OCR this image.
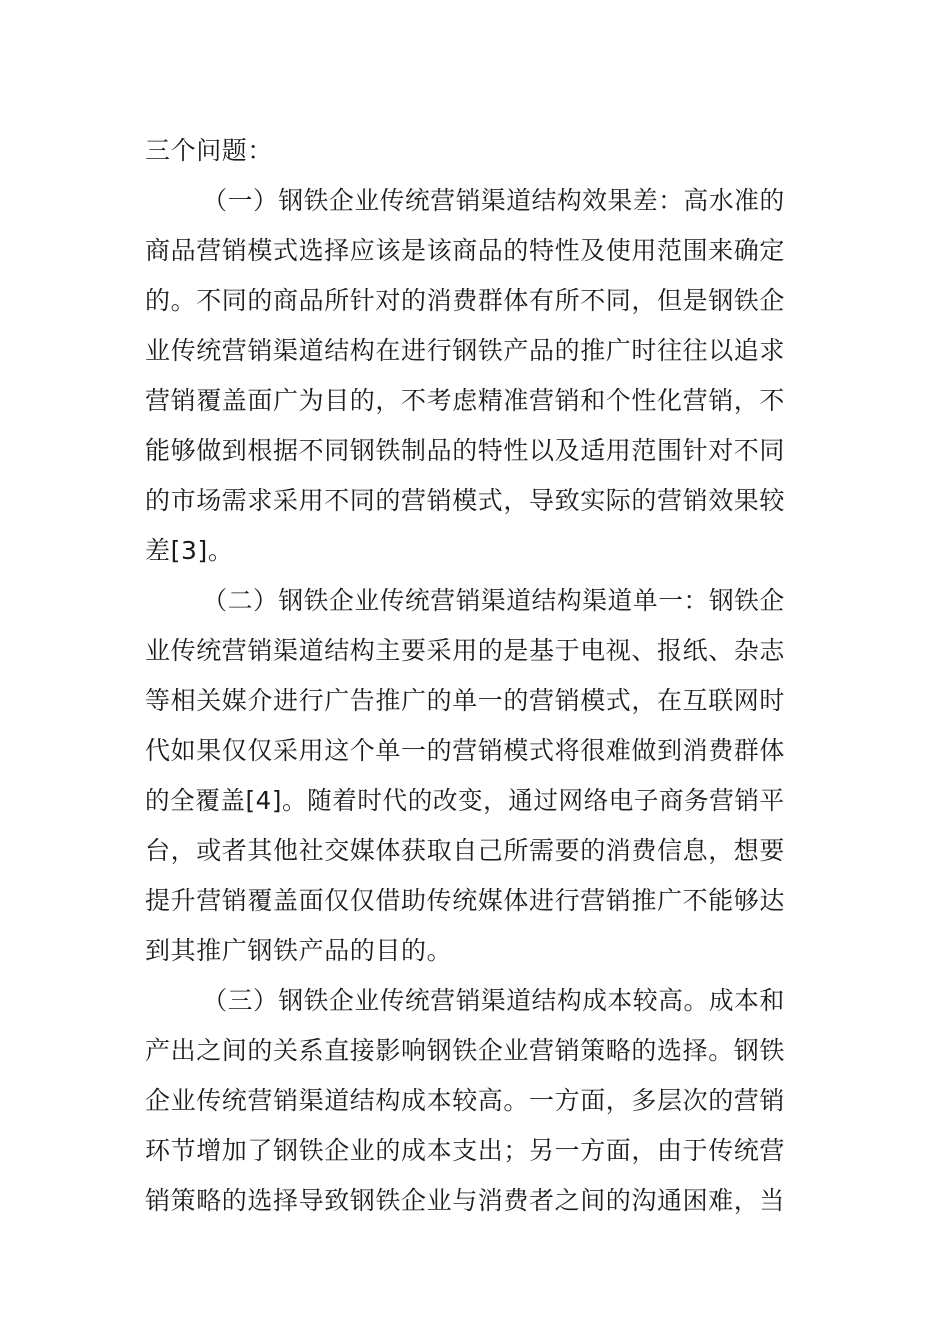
三个问题：
（一）钢铁企业传统营销渠道结构效果差：高水准的
商品营销模式选择应该是该商品的特性及使用范围来确定
的。不同的商品所针对的消费群体有所不同，但是钢铁企
业传统营销渠道结构在进行钢铁产品的推广时往往以追求
营销覆盖面广为目的，不考虑精准营销和个性化营销，不
能够做到根据不同钢铁制品的特性以及适用范围针对不同
的市场需求采用不同的营销模式，导致实际的营销效果较
差[3]。
（二）钢铁企业传统营销渠道结构渠道单一：钢铁企
业传统营销渠道结构主要采用的是基于电视、报纸、杂志
等相关媒介进行广告推广的单一的营销模式，在互联网时
代如果仅仅采用这个单一的营销模式将很难做到消费群体
的全覆盖[4]。随着时代的改变，通过网络电子商务营销平
台，或者其他社交媒体获取自己所需要的消费信息，想要
提升营销覆盖面仅仅借助传统媒体进行营销推广不能够达
到其推广钢铁产品的目的。
（三）钢铁企业传统营销渠道结构成本较高。成本和
产出之间的关系直接影响钢铁企业营销策略的选择。钢铁
企业传统营销渠道结构成本较高。一方面，多层次的营销
环节增加了钢铁企业的成本支出；另一方面，由于传统营
销策略的选择导致钢铁企业与消费者之间的沟通困难，当
